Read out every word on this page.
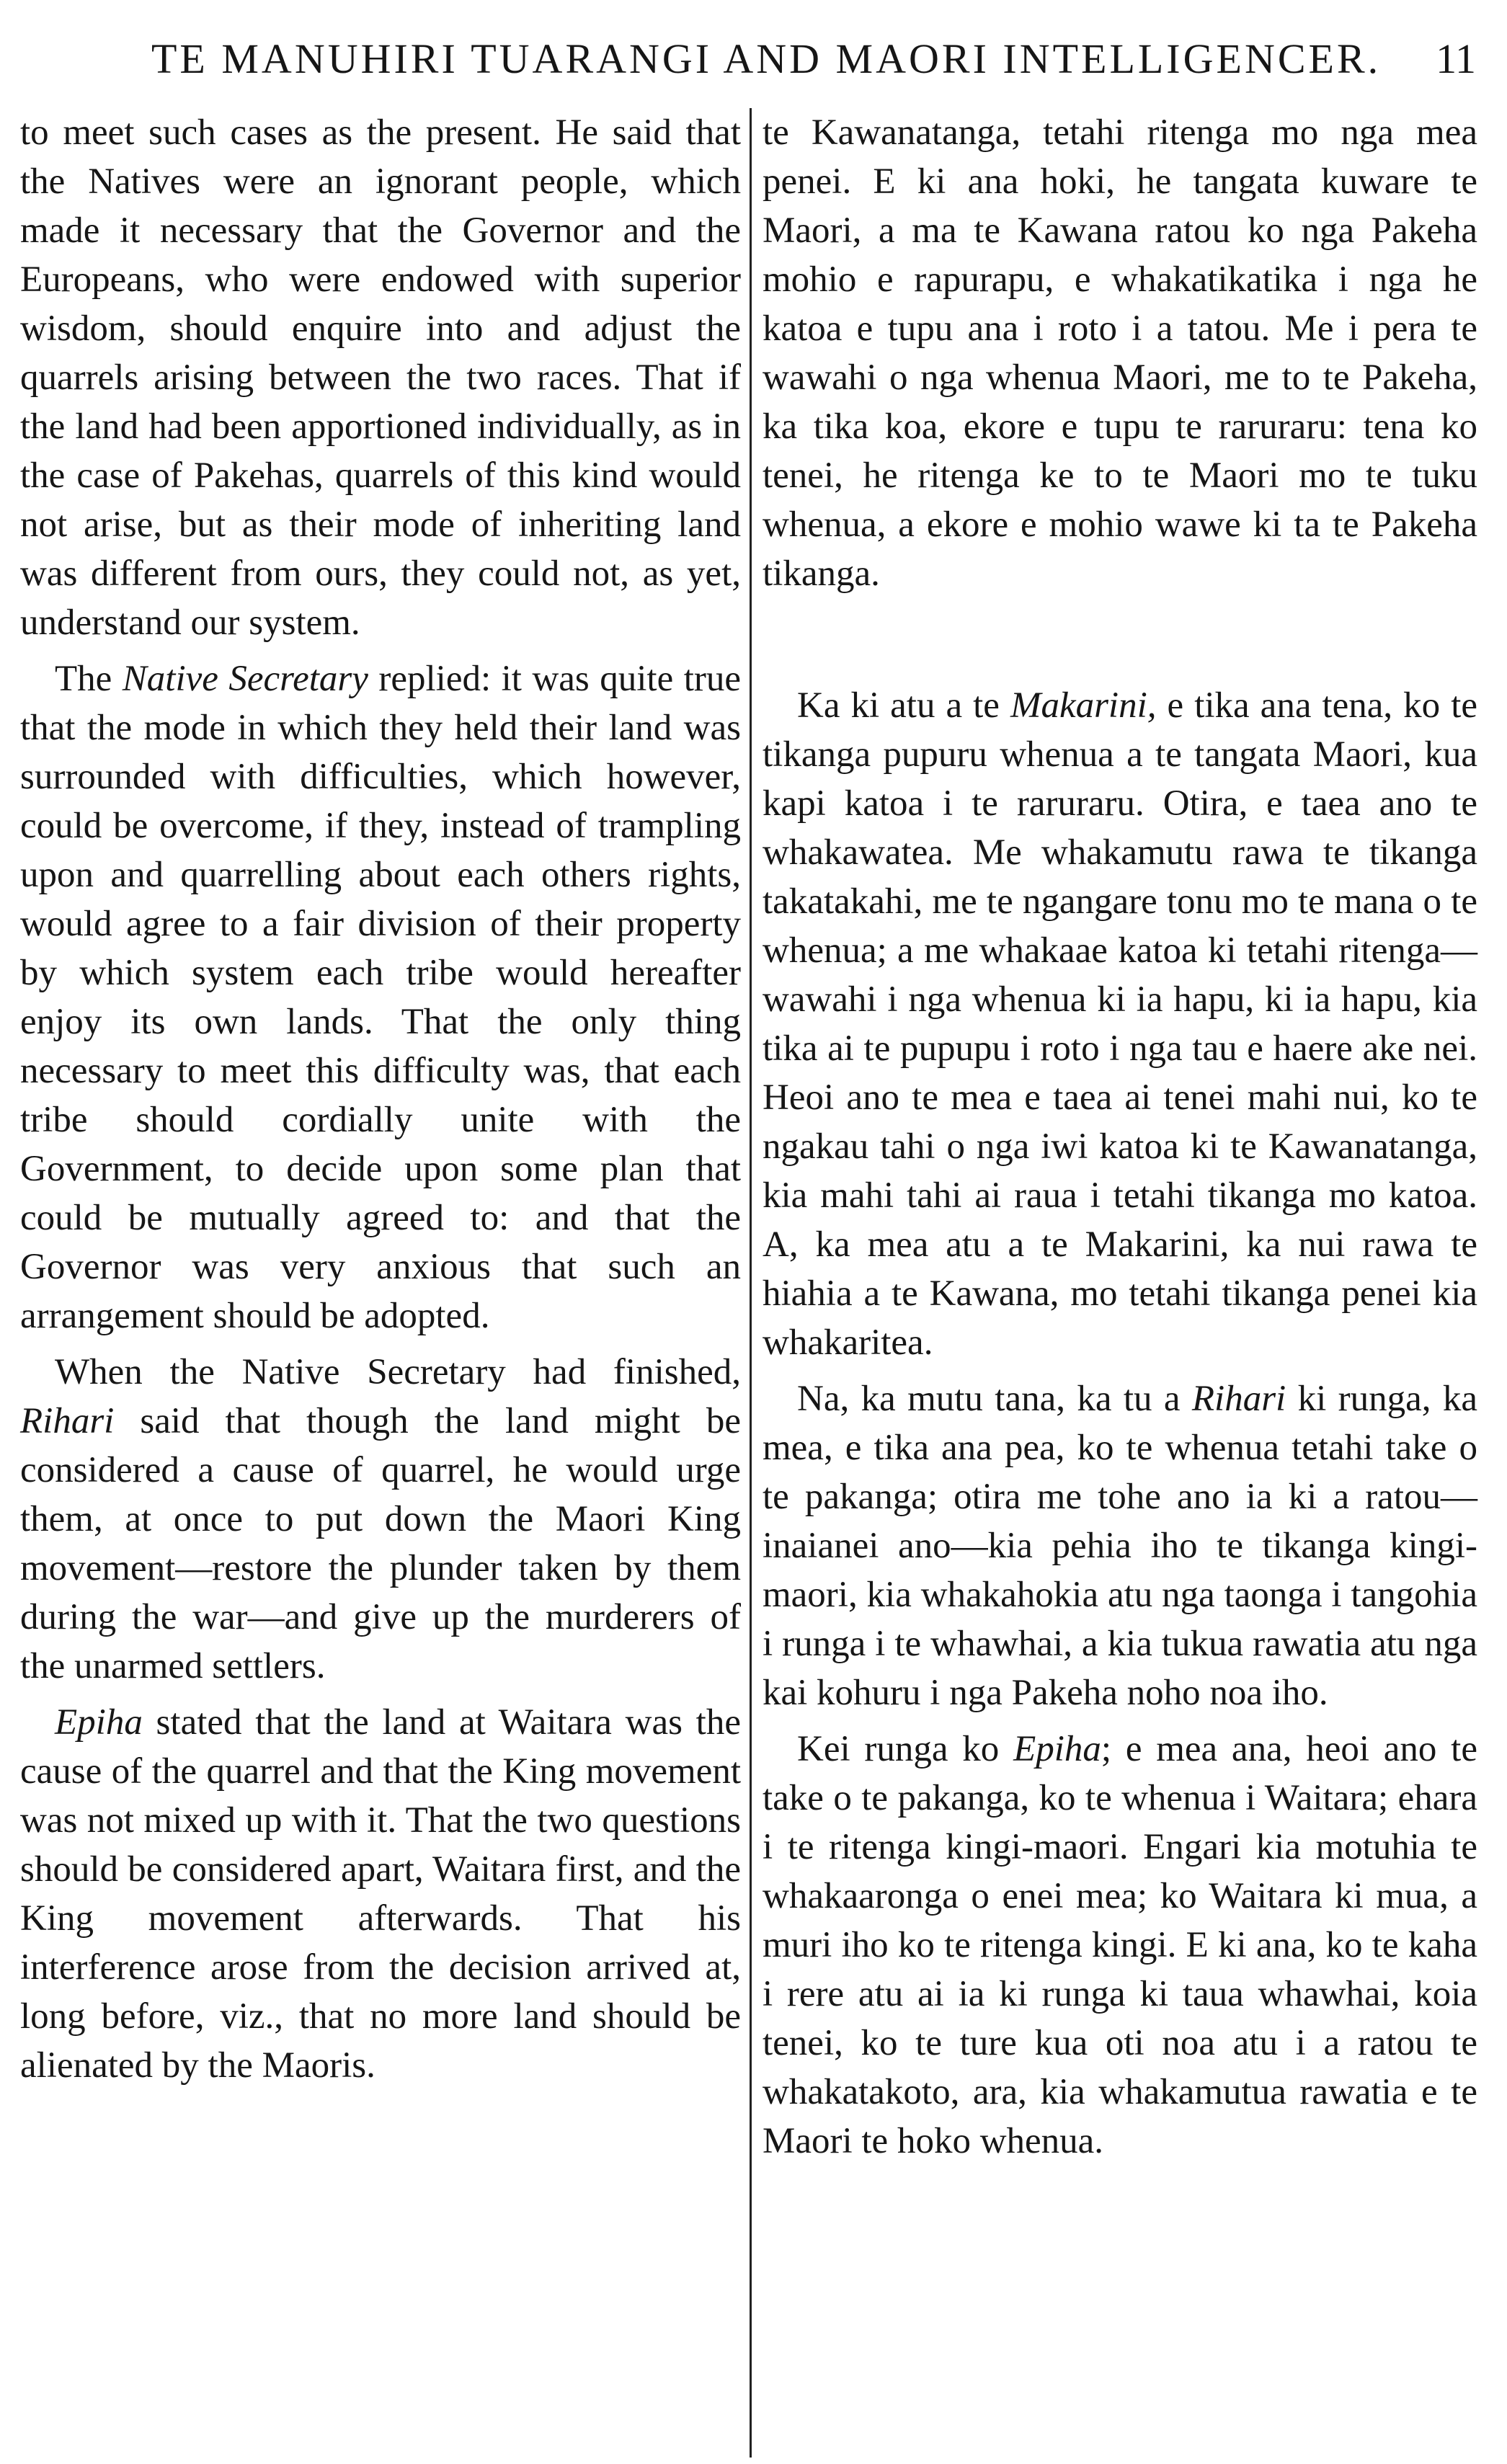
TE MANUHIRI TUARANGI AND MAORI INTELLIGENCER. 11

to meet such cases as the present. He said that the Natives were an ignorant people, which made it necessary that the Governor and the Europeans, who were endowed with superior wisdom, should enquire into and adjust the quarrels arising between the two races. That if the land had been apportioned individually, as in the case of Pakehas, quarrels of this kind would not arise, but as their mode of inheriting land was different from ours, they could not, as yet, understand our system.

The Native Secretary replied: it was quite true that the mode in which they held their land was surrounded with difficulties, which however, could be overcome, if they, instead of trampling upon and quarrelling about each others rights, would agree to a fair division of their property by which system each tribe would hereafter enjoy its own lands. That the only thing necessary to meet this difficulty was, that each tribe should cordially unite with the Government, to decide upon some plan that could be mutually agreed to: and that the Governor was very anxious that such an arrangement should be adopted.

When the Native Secretary had finished, Rihari said that though the land might be considered a cause of quarrel, he would urge them, at once to put down the Maori King movement—restore the plunder taken by them during the war—and give up the murderers of the unarmed settlers.

Epiha stated that the land at Waitara was the cause of the quarrel and that the King movement was not mixed up with it. That the two questions should be considered apart, Waitara first, and the King movement afterwards. That his interference arose from the decision arrived at, long before, viz., that no more land should be alienated by the Maoris.

te Kawanatanga, tetahi ritenga mo nga mea penei. E ki ana hoki, he tangata kuware te Maori, a ma te Kawana ratou ko nga Pakeha mohio e rapurapu, e whakatikatika i nga he katoa e tupu ana i roto i a tatou. Me i pera te wawahi o nga whenua Maori, me to te Pakeha, ka tika koa, ekore e tupu te raruraru: tena ko tenei, he ritenga ke to te Maori mo te tuku whenua, a ekore e mohio wawe ki ta te Pakeha tikanga.

Ka ki atu a te Makarini, e tika ana tena, ko te tikanga pupuru whenua a te tangata Maori, kua kapi katoa i te raruraru. Otira, e taea ano te whakawatea. Me whakamutu rawa te tikanga takatakahi, me te ngangare tonu mo te mana o te whenua; a me whakaae katoa ki tetahi ritenga—wawahi i nga whenua ki ia hapu, ki ia hapu, kia tika ai te pupupu i roto i nga tau e haere ake nei. Heoi ano te mea e taea ai tenei mahi nui, ko te ngakau tahi o nga iwi katoa ki te Kawanatanga, kia mahi tahi ai raua i tetahi tikanga mo katoa. A, ka mea atu a te Makarini, ka nui rawa te hiahia a te Kawana, mo tetahi tikanga penei kia whakaritea.

Na, ka mutu tana, ka tu a Rihari ki runga, ka mea, e tika ana pea, ko te whenua tetahi take o te pakanga; otira me tohe ano ia ki a ratou—inaianei ano—kia pehia iho te tikanga kingi-maori, kia whakahokia atu nga taonga i tangohia i runga i te whawhai, a kia tukua rawatia atu nga kai kohuru i nga Pakeha noho noa iho.

Kei runga ko Epiha; e mea ana, heoi ano te take o te pakanga, ko te whenua i Waitara; ehara i te ritenga kingi-maori. Engari kia motuhia te whakaaronga o enei mea; ko Waitara ki mua, a muri iho ko te ritenga kingi. E ki ana, ko te kaha i rere atu ai ia ki runga ki taua whawhai, koia tenei, ko te ture kua oti noa atu i a ratou te whakatakoto, ara, kia whakamutua rawatia e te Maori te hoko whenua.
